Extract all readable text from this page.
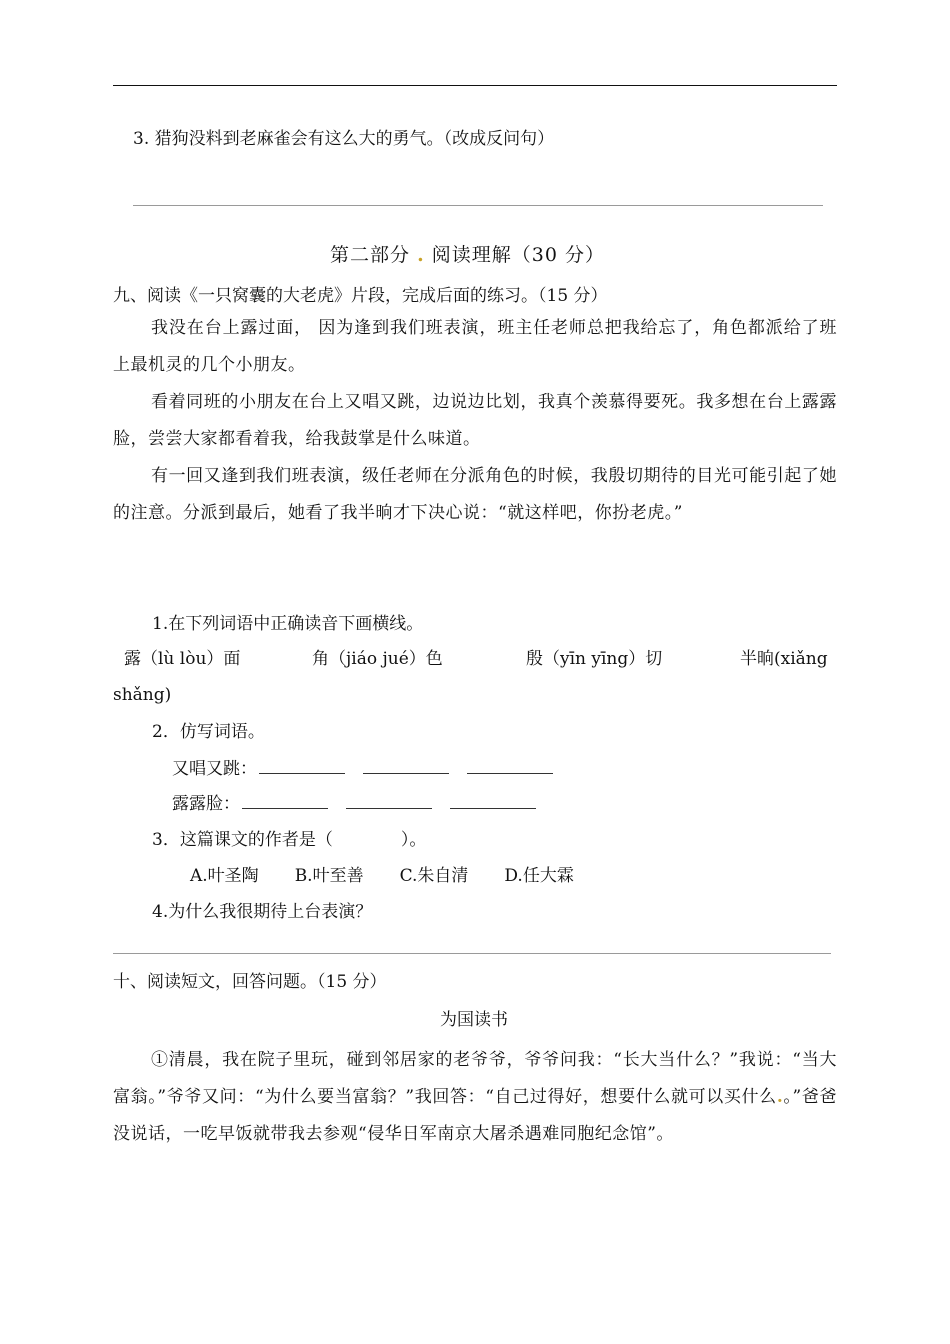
3. 猎狗没料到老麻雀会有这么大的勇气。（改成反问句）
第二部分 . 阅读理解（30 分）
九、阅读《一只窝囊的大老虎》片段，完成后面的练习。（15 分）
我没在台上露过面， 因为逢到我们班表演，班主任老师总把我给忘了，角色都派给了班上最机灵的几个小朋友。
看着同班的小朋友在台上又唱又跳，边说边比划，我真个羡慕得要死。我多想在台上露露脸，尝尝大家都看着我，给我鼓掌是什么味道。
有一回又逢到我们班表演，级任老师在分派角色的时候，我殷切期待的目光可能引起了她的注意。分派到最后，她看了我半晌才下决心说：“就这样吧，你扮老虎。”
1.在下列词语中正确读音下画横线。
露（lù lòu）面	角（jiáo jué）色	殷（yīn yīng）切	半晌(xiǎng
shǎng)
2．仿写词语。
又唱又跳：
露露脸：
3．这篇课文的作者是（　　　　）。
A.叶圣陶 B.叶至善 C.朱自清 D.任大霖
4.为什么我很期待上台表演？
十、阅读短文，回答问题。（15 分）
为国读书
①清晨，我在院子里玩，碰到邻居家的老爷爷，爷爷问我：“长大当什么？”我说：“当大富翁。”爷爷又问：“为什么要当富翁？”我回答：“自己过得好，想要什么就可以买什么.。”爸爸没说话，一吃早饭就带我去参观“侵华日军南京大屠杀遇难同胞纪念馆”。
